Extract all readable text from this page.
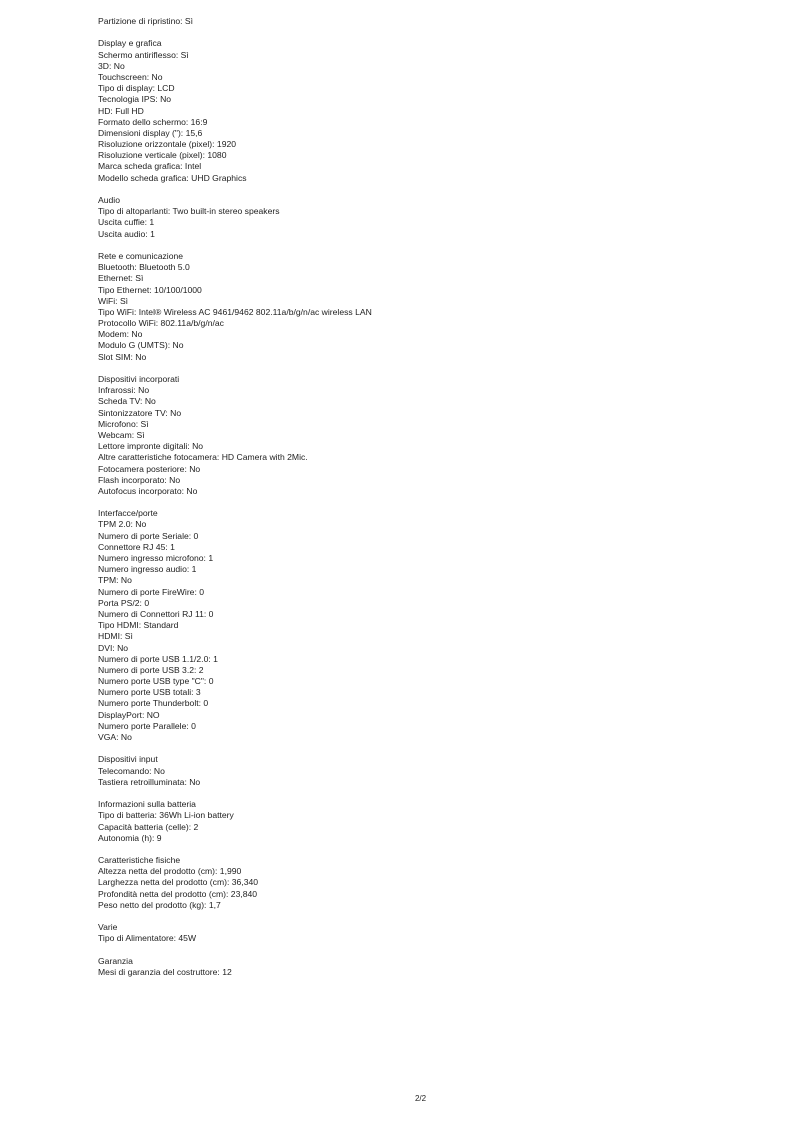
Partizione di ripristino: Sì
Display e grafica
Schermo antiriflesso: Sì
3D: No
Touchscreen: No
Tipo di display: LCD
Tecnologia IPS: No
HD: Full HD
Formato dello schermo: 16:9
Dimensioni display ("): 15,6
Risoluzione orizzontale (pixel): 1920
Risoluzione verticale (pixel): 1080
Marca scheda grafica: Intel
Modello scheda grafica: UHD Graphics
Audio
Tipo di altoparlanti: Two built-in stereo speakers
Uscita cuffie: 1
Uscita audio: 1
Rete e comunicazione
Bluetooth: Bluetooth 5.0
Ethernet: Sì
Tipo Ethernet: 10/100/1000
WiFi: Sì
Tipo WiFi: Intel® Wireless AC 9461/9462 802.11a/b/g/n/ac wireless LAN
Protocollo WiFi: 802.11a/b/g/n/ac
Modem: No
Modulo G (UMTS): No
Slot SIM: No
Dispositivi incorporati
Infrarossi: No
Scheda TV: No
Sintonizzatore TV: No
Microfono: Sì
Webcam: Sì
Lettore impronte digitali: No
Altre caratteristiche fotocamera: HD Camera with 2Mic.
Fotocamera posteriore: No
Flash incorporato: No
Autofocus incorporato: No
Interfacce/porte
TPM 2.0: No
Numero di porte Seriale: 0
Connettore RJ 45: 1
Numero ingresso microfono: 1
Numero ingresso audio: 1
TPM: No
Numero di porte FireWire: 0
Porta PS/2: 0
Numero di Connettori RJ 11: 0
Tipo HDMI: Standard
HDMI: Sì
DVI: No
Numero di porte USB 1.1/2.0: 1
Numero di porte USB 3.2: 2
Numero porte USB type "C": 0
Numero porte USB totali: 3
Numero porte Thunderbolt: 0
DisplayPort: NO
Numero porte Parallele: 0
VGA: No
Dispositivi input
Telecomando: No
Tastiera retroilluminata: No
Informazioni sulla batteria
Tipo di batteria: 36Wh Li-ion battery
Capacità batteria (celle): 2
Autonomia (h): 9
Caratteristiche fisiche
Altezza netta del prodotto (cm): 1,990
Larghezza netta del prodotto (cm): 36,340
Profondità netta del prodotto (cm): 23,840
Peso netto del prodotto (kg): 1,7
Varie
Tipo di Alimentatore: 45W
Garanzia
Mesi di garanzia del costruttore: 12
2/2
